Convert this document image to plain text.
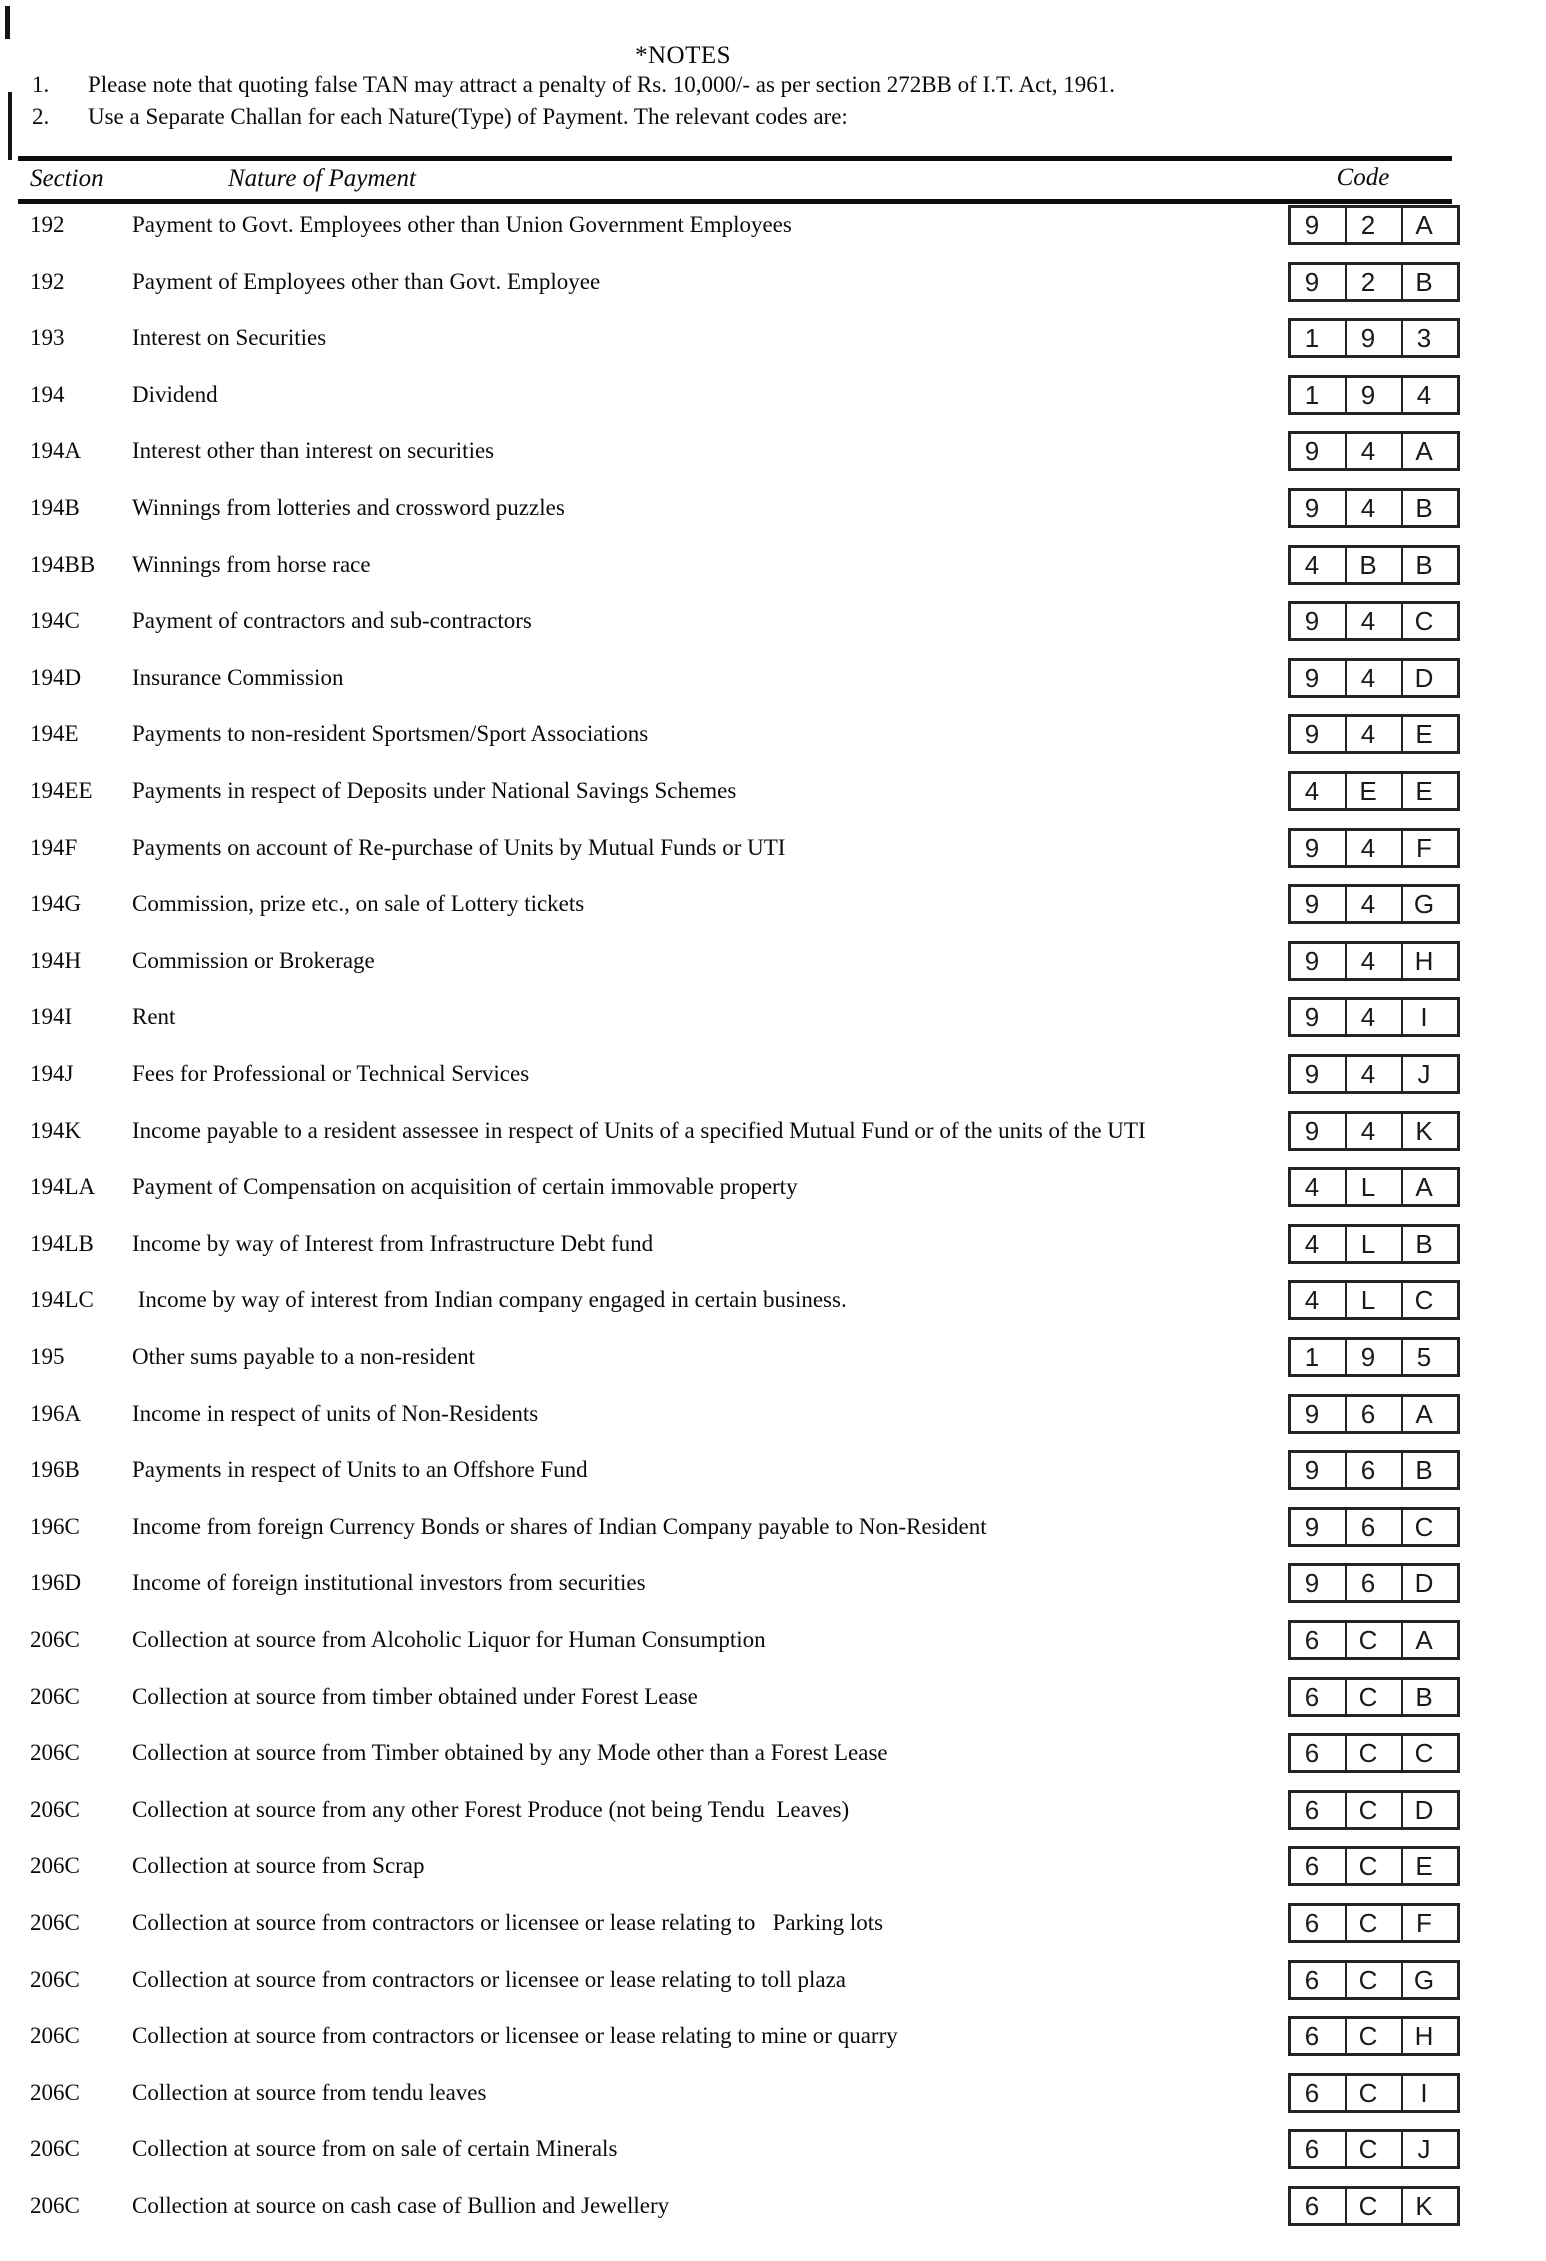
*NOTES
1. Please note that quoting false TAN may attract a penalty of Rs. 10,000/- as per section 272BB of I.T. Act, 1961.
2. Use a Separate Challan for each Nature(Type) of Payment. The relevant codes are:
Section	Nature of Payment	Code
192	Payment to Govt. Employees other than Union Government Employees	9	2	A
192	Payment of Employees other than Govt. Employee	9	2	B
193	Interest on Securities	1	9	3
194	Dividend	1	9	4
194A Interest other than interest on securities	9	4	A
194B Winnings from lotteries and crossword puzzles	9	4	B
194BB Winnings from horse race	4	B	B
194C Payment of contractors and sub-contractors	9	4	C
194D Insurance Commission	9	4	D
194E Payments to non-resident Sportsmen/Sport Associations	9	4	E
194EE Payments in respect of Deposits under National Savings Schemes	4	E	E
194F Payments on account of Re-purchase of Units by Mutual Funds or UTI	9	4	F
194G Commission, prize etc., on sale of Lottery tickets	9	4	G
194H Commission or Brokerage	9	4	H
194I	Rent	9	4	I
194J	Fees for Professional or Technical Services	9	4	J
194K Income payable to a resident assessee in respect of Units of a specified Mutual Fund or of the units of the UTI	9	4	K
194LA Payment of Compensation on acquisition of certain immovable property	4	L	A
194LB Income by way of Interest from Infrastructure Debt fund	4	L	B
194LC Income by way of interest from Indian company engaged in certain business.	4	L	C
195	Other sums payable to a non-resident	1	9	5
196A Income in respect of units of Non-Residents	9	6	A
196B Payments in respect of Units to an Offshore Fund	9	6	B
196C Income from foreign Currency Bonds or shares of Indian Company payable to Non-Resident	9	6	C
196D Income of foreign institutional investors from securities	9	6	D
206C Collection at source from Alcoholic Liquor for Human Consumption	6	C	A
206C Collection at source from timber obtained under Forest Lease	6	C	B
206C Collection at source from Timber obtained by any Mode other than a Forest Lease	6	C	C
206C Collection at source from any other Forest Produce (not being Tendu  Leaves)	6	C	D
206C Collection at source from Scrap	6	C	E
206C Collection at source from contractors or licensee or lease relating to   Parking lots	6	C	F
206C Collection at source from contractors or licensee or lease relating to toll plaza	6	C	G
206C Collection at source from contractors or licensee or lease relating to mine or quarry	6	C	H
206C Collection at source from tendu leaves	6	C	I
206C Collection at source from on sale of certain Minerals	6	C	J
206C Collection at source on cash case of Bullion and Jewellery	6	C	K
